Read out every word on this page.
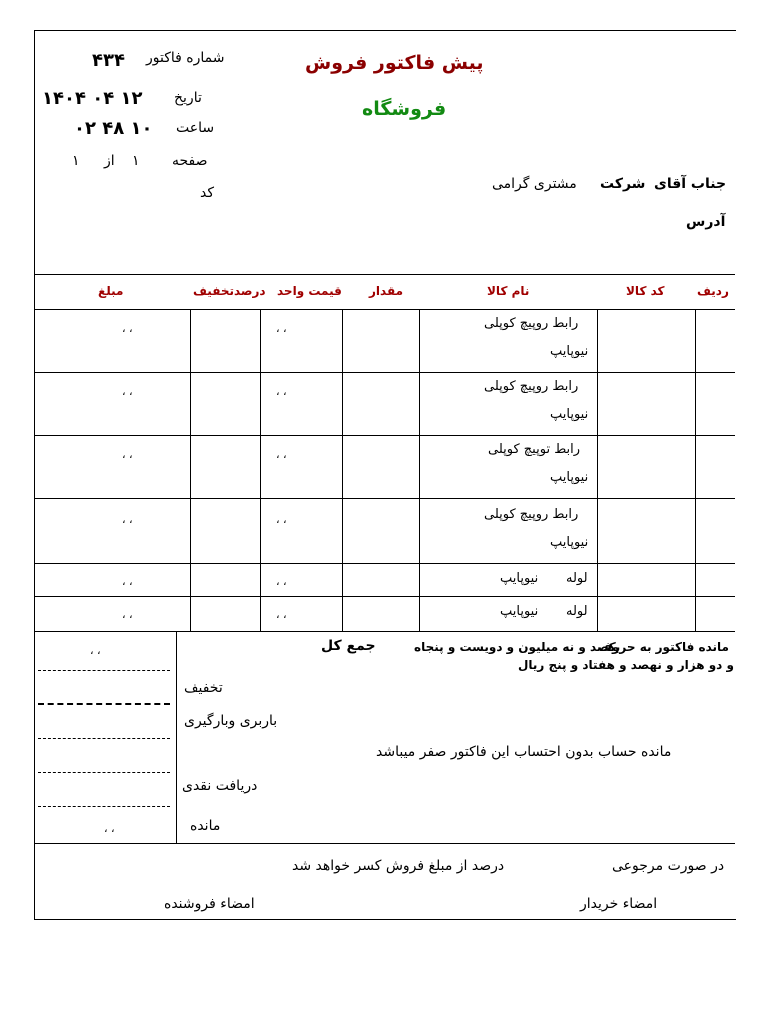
پیش فاکتور فروش
فروشگاه
شماره فاکتور
۴۳۴
تاریخ
۱۴۰۴ ۰۴ ۱۲
ساعت
۰۲ ۴۸ ۱۰
صفحه
۱
از
۱
کد
جناب آقای
شرکت
مشتری گرامی
آدرس
ردیف
کد کالا
نام کالا
مقدار
قیمت واحد
درصدتخفیف
مبلغ
رابط روپیچ کوپلی
نیوپایپ
، ،
، ،
رابط روپیچ کوپلی
نیوپایپ
، ،
، ،
رابط توپیچ کوپلی
نیوپایپ
، ،
، ،
رابط روپیچ کوپلی
نیوپایپ
، ،
، ،
لوله
نیوپایپ
، ،
، ،
لوله
نیوپایپ
، ،
، ،
مانده فاکتور به حروف
یکصد و نه میلیون و دویست و پنجاه
جمع کل
و دو هزار و نهصد و هفتاد و پنج ریال
تخفیف
باربری وبارگیری
مانده حساب بدون احتساب این فاکتور صفر میباشد
دریافت نقدی
مانده
، ،
، ،
در صورت مرجوعی
درصد از مبلغ فروش کسر خواهد شد
امضاء خریدار
امضاء فروشنده
